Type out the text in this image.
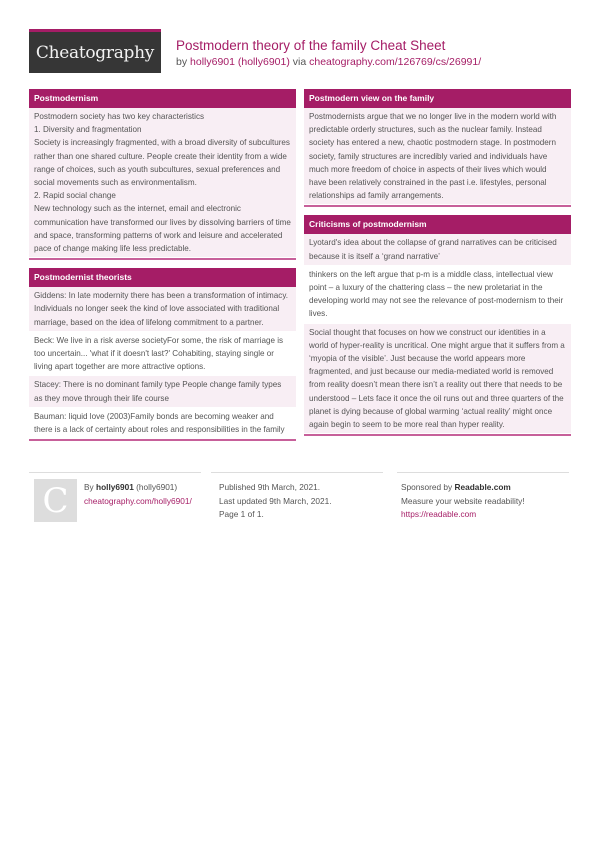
Cheatography Postmodern theory of the family Cheat Sheet
by holly6901 (holly6901) via cheatography.com/126769/cs/26991/
Postmodernism
Postmodern society has two key characteristics
1. Diversity and fragmentation
Society is increasingly fragmented, with a broad diversity of subcultures rather than one shared culture. People create their identity from a wide range of choices, such as youth subcultures, sexual preferences and social movements such as environmentalism.
2. Rapid social change
New technology such as the internet, email and electronic communication have transformed our lives by dissolving barriers of time and space, transforming patterns of work and leisure and accelerated pace of change making life less predictable.
Postmodernist theorists
Giddens: In late modernity there has been a transformation of intimacy. Individuals no longer seek the kind of love associated with traditional marriage, based on the idea of lifelong commitment to a partner.
Beck: We live in a risk averse societyFor some, the risk of marriage is too uncertain... 'what if it doesn't last?' Cohabiting, staying single or living apart together are more attractive options.
Stacey: There is no dominant family type People change family types as they move through their life course
Bauman: liquid love (2003)Family bonds are becoming weaker and there is a lack of certainty about roles and responsibilities in the family
Postmodern view on the family
Postmodernists argue that we no longer live in the modern world with predictable orderly structures, such as the nuclear family. Instead society has entered a new, chaotic postmodern stage. In postmodern society, family structures are incredibly varied and individuals have much more freedom of choice in aspects of their lives which would have been relatively constrained in the past i.e. lifestyles, personal relationships ad family arrangements.
Criticisms of postmodernism
Lyotard's idea about the collapse of grand narratives can be criticised because it is itself a ‘grand narrative’
thinkers on the left argue that p-m is a middle class, intellectual view point – a luxury of the chattering class – the new proletariat in the developing world may not see the relevance of post-modernism to their lives.
Social thought that focuses on how we construct our identities in a world of hyper-reality is uncritical. One might argue that it suffers from a ‘myopia of the visible’. Just because the world appears more fragmented, and just because our media-mediated world is removed from reality doesn’t mean there isn’t a reality out there that needs to be understood – Lets face it once the oil runs out and three quarters of the planet is dying because of global warming ‘actual reality’ might once again begin to seem to be more real than hyper reality.
C By holly6901 (holly6901)
cheatography.com/holly6901/
Published 9th March, 2021.
Last updated 9th March, 2021.
Page 1 of 1.
Sponsored by Readable.com
Measure your website readability!
https://readable.com
